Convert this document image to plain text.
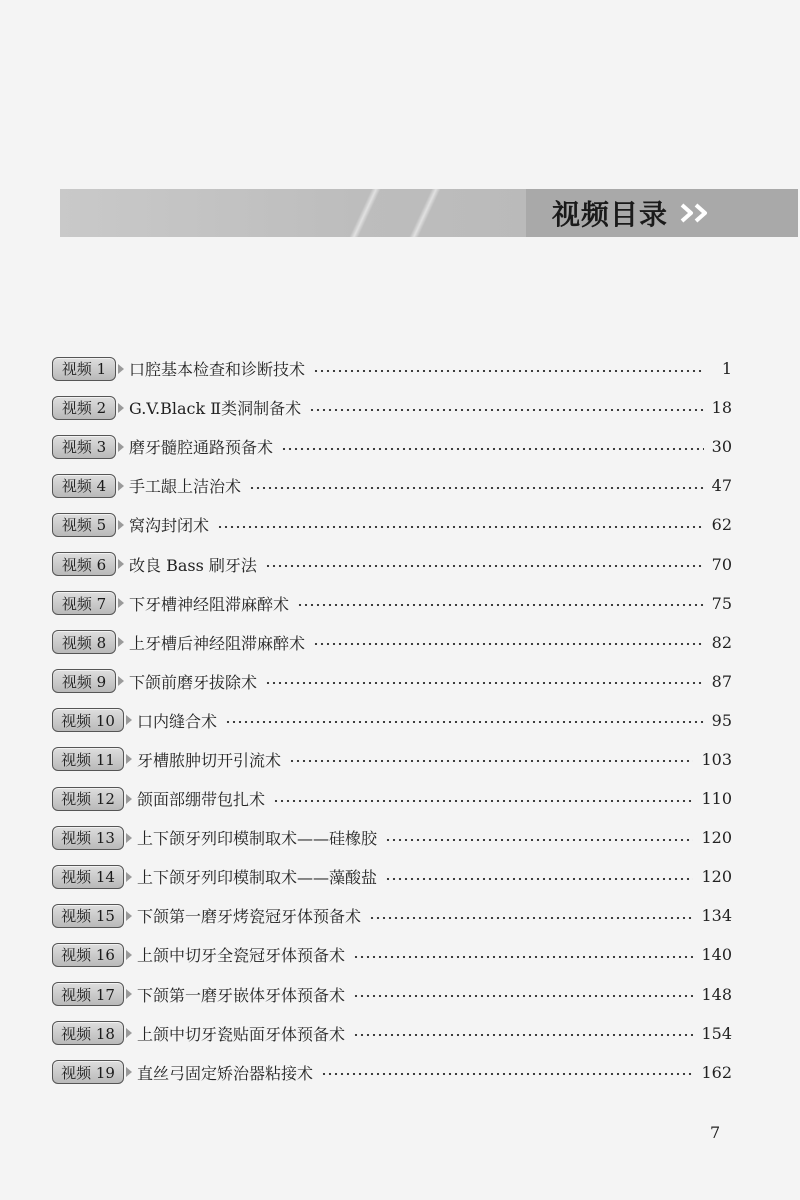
视频目录
视频 1	口腔基本检查和诊断技术	1
视频 2	G.V.Black Ⅱ类洞制备术	18
视频 3	磨牙髓腔通路预备术	30
视频 4	手工龈上洁治术	47
视频 5	窝沟封闭术	62
视频 6	改良 Bass 刷牙法	70
视频 7	下牙槽神经阻滞麻醉术	75
视频 8	上牙槽后神经阻滞麻醉术	82
视频 9	下颌前磨牙拔除术	87
视频 10	口内缝合术	95
视频 11	牙槽脓肿切开引流术	103
视频 12	颌面部绷带包扎术	110
视频 13	上下颌牙列印模制取术——硅橡胶	120
视频 14	上下颌牙列印模制取术——藻酸盐	120
视频 15	下颌第一磨牙烤瓷冠牙体预备术	134
视频 16	上颌中切牙全瓷冠牙体预备术	140
视频 17	下颌第一磨牙嵌体牙体预备术	148
视频 18	上颌中切牙瓷贴面牙体预备术	154
视频 19	直丝弓固定矫治器粘接术	162
7
